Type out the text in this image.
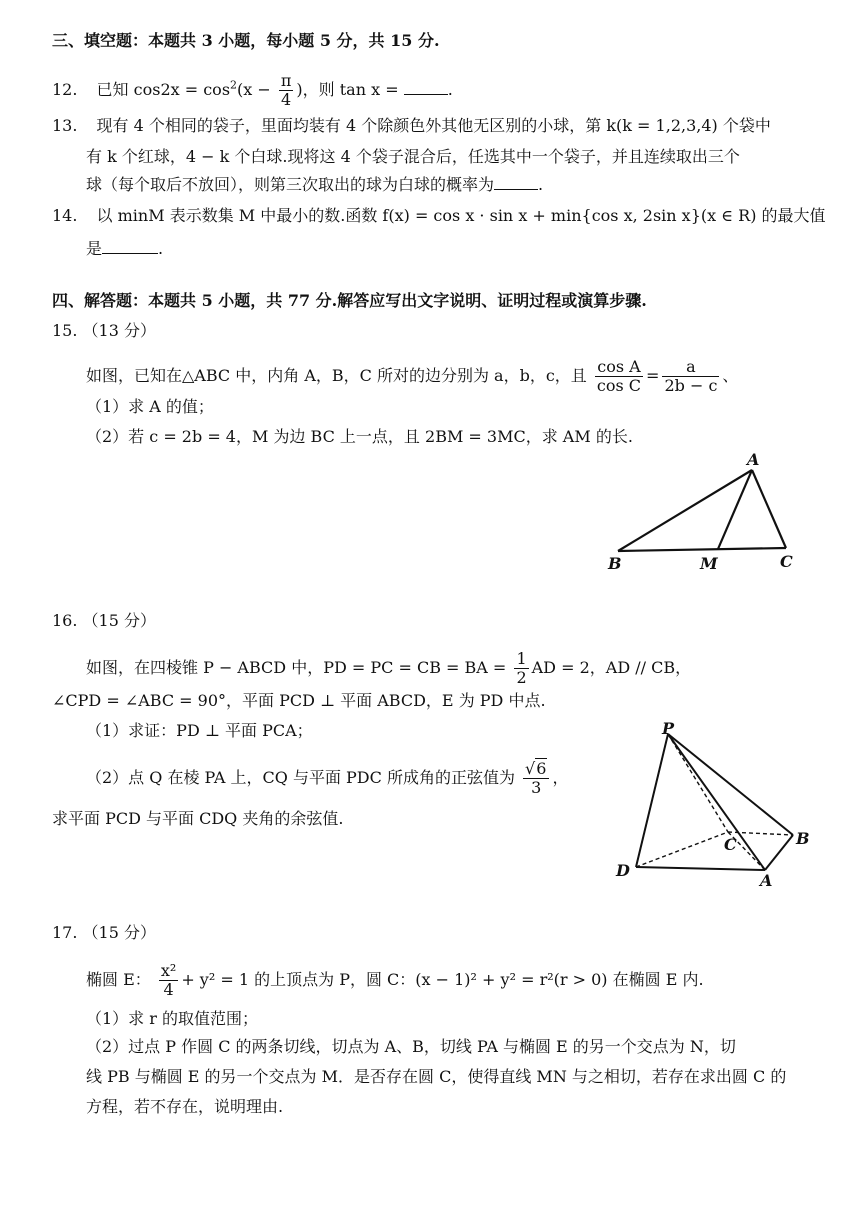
三、填空题：本题共 3 小题，每小题 5 分，共 15 分.
12. 已知 $\cos 2x = \cos^2(x - \frac{\pi}{4}$ )，则 tan x =	.
13. 现有 4 个相同的袋子，里面均装有 4 个除颜色外其他无区别的小球，第 k(k = 1,2,3,4) 个袋中
有 k 个红球，4 − k 个白球.现将这 4 个袋子混合后，任选其中一个袋子，并且连续取出三个
球（每个取后不放回），则第三次取出的球为白球的概率为	.
14. 以 minM 表示数集 M 中最小的数.函数 f(x) = cos x · sin x + min{cos x, 2sin x}(x ∈ R) 的最大值
是	.
四、解答题：本题共 5 小题，共 77 分.解答应写出文字说明、证明过程或演算步骤.
15. （13 分）
如图，已知在△ABC 中，内角 A，B，C 所对的边分别为 a，b，c，且 $\frac{\text{cos A}}{\text{cos C}} = \frac{a}{2b - c}$ 、
（1）求 A 的值；
（2）若 c = 2b = 4，M 为边 BC 上一点，且 2BM = 3MC，求 AM 的长.
A
B	M	C
16. （15 分）
如图，在四棱锥 P − ABCD 中，PD = PC = CB = BA = $\frac{1}{2}$ AD = 2，AD // CB，
∠CPD = ∠ABC = 90°，平面 PCD ⊥ 平面 ABCD，E 为 PD 中点.
（1）求证：PD ⊥ 平面 PCA；
（2）点 Q 在棱 PA 上，CQ 与平面 PDC 所成角的正弦值为 $\frac{√6}{3}$ ，
求平面 PCD 与平面 CDQ 夹角的余弦值.
P
C	B
D
A
17. （15 分）
椭圆 E： $\frac{\text{x²}}{4} + y^2 = 1$ 的上顶点为 P，圆 C：(x − 1)² + y² = r²(r > 0) 在椭圆 E 内.
（1）求 r 的取值范围；
（2）过点 P 作圆 C 的两条切线，切点为 A、B，切线 PA 与椭圆 E 的另一个交点为 N，切
线 PB 与椭圆 E 的另一个交点为 M．是否存在圆 C，使得直线 MN 与之相切，若存在求出圆 C 的
方程，若不存在，说明理由.
